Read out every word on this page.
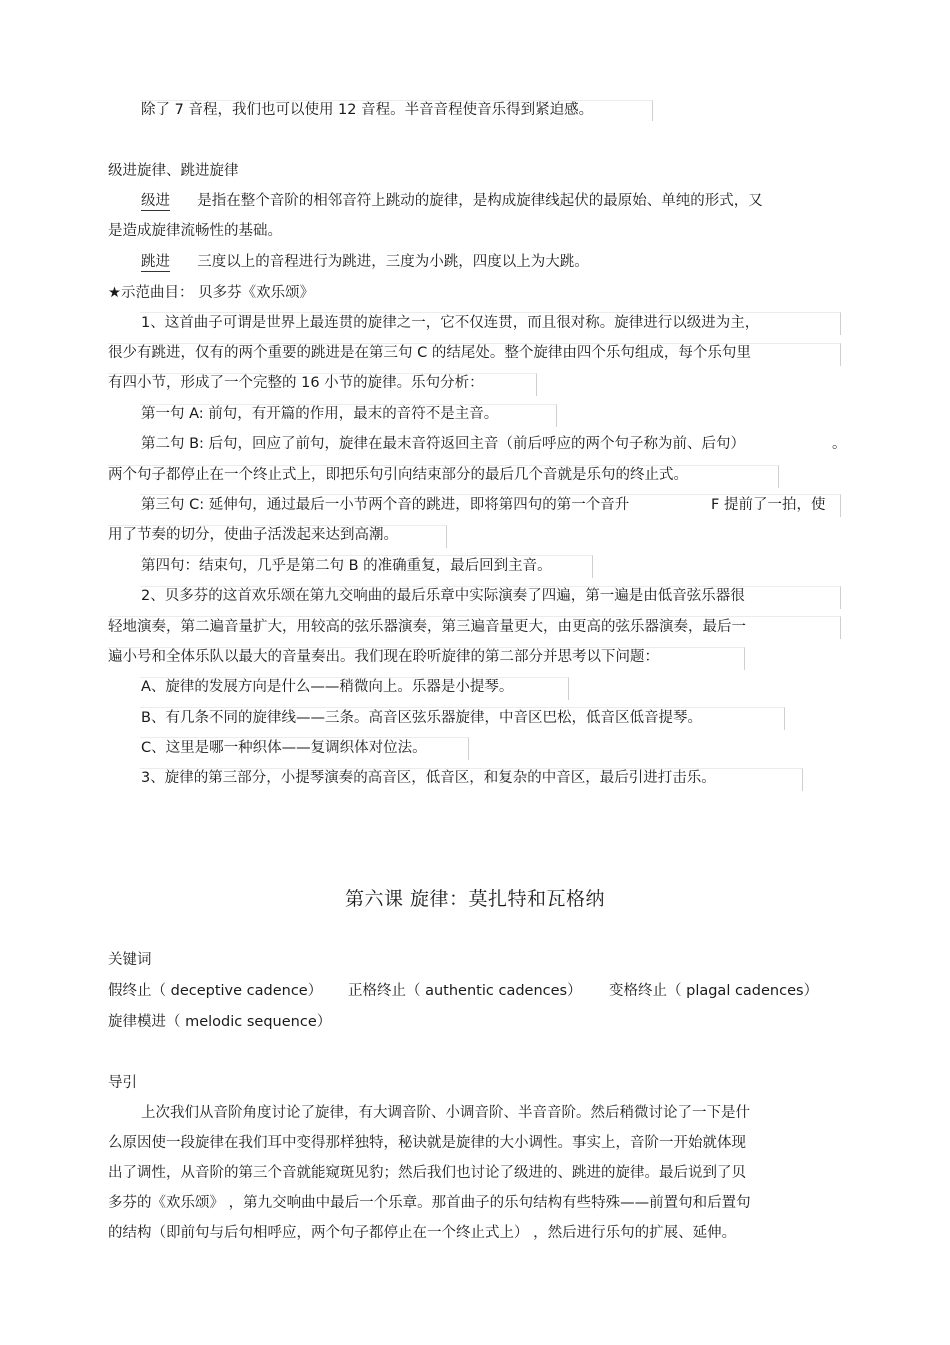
除了 7 音程，我们也可以使用 12 音程。半音音程使音乐得到紧迫感。
级进旋律、跳进旋律
级进 是指在整个音阶的相邻音符上跳动的旋律，是构成旋律线起伏的最原始、单纯的形式，又
是造成旋律流畅性的基础。
跳进 三度以上的音程进行为跳进，三度为小跳，四度以上为大跳。
★示范曲目： 贝多芬《欢乐颂》
1、这首曲子可谓是世界上最连贯的旋律之一，它不仅连贯，而且很对称。旋律进行以级进为主，
很少有跳进，仅有的两个重要的跳进是在第三句 C 的结尾处。整个旋律由四个乐句组成，每个乐句里
有四小节，形成了一个完整的 16 小节的旋律。乐句分析：
第一句 A: 前句，有开篇的作用，最末的音符不是主音。
第二句 B: 后句，回应了前句，旋律在最末音符返回主音（前后呼应的两个句子称为前、后句）	。
两个句子都停止在一个终止式上，即把乐句引向结束部分的最后几个音就是乐句的终止式。
第三句 C: 延伸句，通过最后一小节两个音的跳进，即将第四句的第一个音升	F 提前了一拍，使
用了节奏的切分，使曲子活泼起来达到高潮。
第四句：结束句，几乎是第二句 B 的准确重复，最后回到主音。
2、贝多芬的这首欢乐颂在第九交响曲的最后乐章中实际演奏了四遍，第一遍是由低音弦乐器很
轻地演奏，第二遍音量扩大，用较高的弦乐器演奏，第三遍音量更大，由更高的弦乐器演奏，最后一
遍小号和全体乐队以最大的音量奏出。我们现在聆听旋律的第二部分并思考以下问题：
A、旋律的发展方向是什么——稍微向上。乐器是小提琴。
B、有几条不同的旋律线——三条。高音区弦乐器旋律，中音区巴松，低音区低音提琴。
C、这里是哪一种织体——复调织体对位法。
3、旋律的第三部分，小提琴演奏的高音区，低音区，和复杂的中音区，最后引进打击乐。
第六课 旋律：莫扎特和瓦格纳
关键词
假终止（ deceptive cadence） 正格终止（ authentic cadences） 变格终止（ plagal cadences）
旋律模进（ melodic sequence）
导引
上次我们从音阶角度讨论了旋律，有大调音阶、小调音阶、半音音阶。然后稍微讨论了一下是什
么原因使一段旋律在我们耳中变得那样独特，秘诀就是旋律的大小调性。事实上，音阶一开始就体现
出了调性，从音阶的第三个音就能窥斑见豹；然后我们也讨论了级进的、跳进的旋律。最后说到了贝
多芬的《欢乐颂》 ，第九交响曲中最后一个乐章。那首曲子的乐句结构有些特殊——前置句和后置句
的结构（即前句与后句相呼应，两个句子都停止在一个终止式上） ，然后进行乐句的扩展、延伸。
